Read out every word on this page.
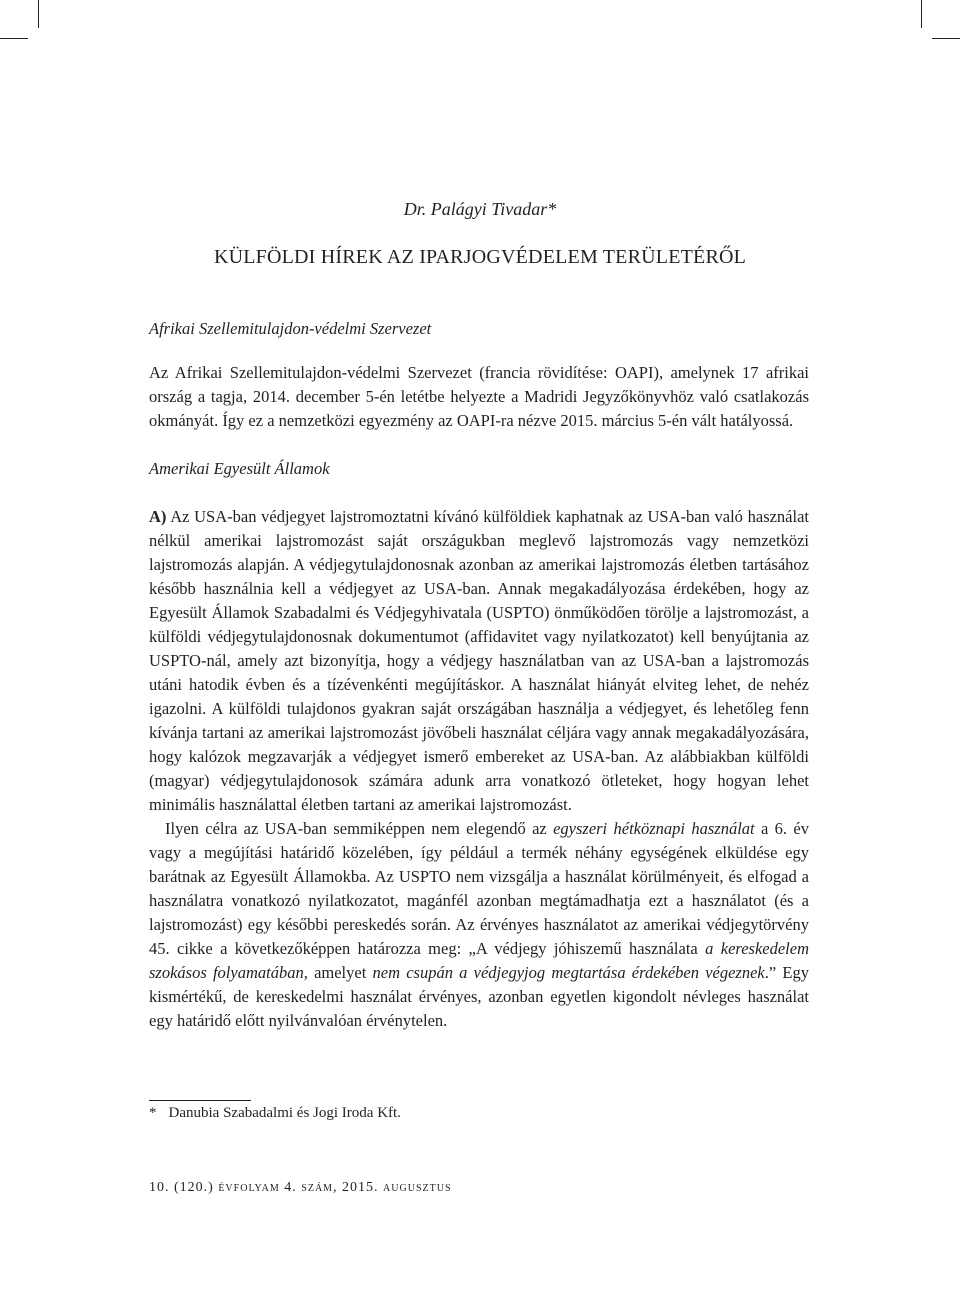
Dr. Palágyi Tivadar*
KÜLFÖLDI HÍREK AZ IPARJOGVÉDELEM TERÜLETÉRŐL

Afrikai Szellemitulajdon-védelmi Szervezet

Az Afrikai Szellemitulajdon-védelmi Szervezet (francia rövidítése: OAPI), amelynek 17 afrikai ország a tagja, 2014. december 5-én letétbe helyezte a Madridi Jegyzőkönyvhöz való csatlakozás okmányát. Így ez a nemzetközi egyezmény az OAPI-ra nézve 2015. március 5-én vált hatályossá.

Amerikai Egyesült Államok

A) Az USA-ban védjegyet lajstromoztatni kívánó külföldiek kaphatnak az USA-ban való használat nélkül amerikai lajstromozást saját országukban meglevő lajstromozás vagy nemzetközi lajstromozás alapján. A védjegytulajdonosnak azonban az amerikai lajstromozás életben tartásához később használnia kell a védjegyet az USA-ban. Annak megakadályozása érdekében, hogy az Egyesült Államok Szabadalmi és Védjegyhivatala (USPTO) önműködően törölje a lajstromozást, a külföldi védjegytulajdonosnak dokumentumot (affidavitet vagy nyilatkozatot) kell benyújtania az USPTO-nál, amely azt bizonyítja, hogy a védjegy használatban van az USA-ban a lajstromozás utáni hatodik évben és a tízévenkénti megújításkor. A használat hiányát elviteg lehet, de nehéz igazolni. A külföldi tulajdonos gyakran saját országában használja a védjegyet, és lehetőleg fenn kívánja tartani az amerikai lajstromozást jövőbeli használat céljára vagy annak megakadályozására, hogy kalózok megzavarják a védjegyet ismerő embereket az USA-ban. Az alábbiakban külföldi (magyar) védjegytulajdonosok számára adunk arra vonatkozó ötleteket, hogy hogyan lehet minimális használattal életben tartani az amerikai lajstromozást.

Ilyen célra az USA-ban semmiképpen nem elegendő az egyszeri hétköznapi használat a 6. év vagy a megújítási határidő közelében, így például a termék néhány egységének elküldése egy barátnak az Egyesült Államokba. Az USPTO nem vizsgálja a használat körülményeit, és elfogad a használatra vonatkozó nyilatkozatot, magánfél azonban megtámadhatja ezt a használatot (és a lajstromozást) egy későbbi pereskedés során. Az érvényes használatot az amerikai védjegytörvény 45. cikke a következőképpen határozza meg: „A védjegy jóhiszemű használata a kereskedelem szokásos folyamatában, amelyet nem csupán a védjegyjog megtartása érdekében végeznek.” Egy kismértékű, de kereskedelmi használat érvényes, azonban egyetlen kigondolt névleges használat egy határidő előtt nyilvánvalóan érvénytelen.

* Danubia Szabadalmi és Jogi Iroda Kft.
10. (120.) évfolyam 4. szám, 2015. augusztus
